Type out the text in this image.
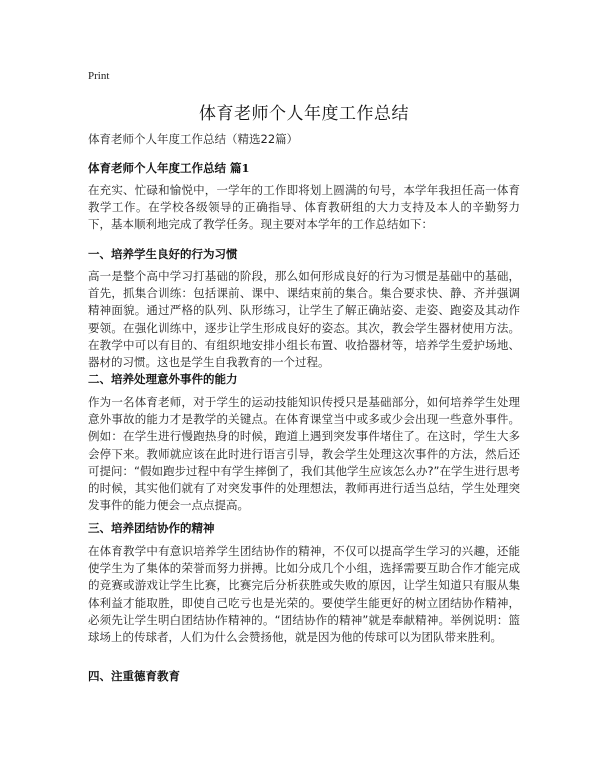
Print
体育老师个人年度工作总结
体育老师个人年度工作总结（精选22篇）
体育老师个人年度工作总结 篇1
在充实、忙碌和愉悦中，一学年的工作即将划上圆满的句号，本学年我担任高一体育教学工作。在学校各级领导的正确指导、体育教研组的大力支持及本人的辛勤努力下，基本顺利地完成了教学任务。现主要对本学年的工作总结如下：
一、培养学生良好的行为习惯
高一是整个高中学习打基础的阶段，那么如何形成良好的行为习惯是基础中的基础，首先，抓集合训练：包括课前、课中、课结束前的集合。集合要求快、静、齐并强调精神面貌。通过严格的队列、队形练习，让学生了解正确站姿、走姿、跑姿及其动作要领。在强化训练中，逐步让学生形成良好的姿态。其次，教会学生器材使用方法。在教学中可以有目的、有组织地安排小组长布置、收拾器材等，培养学生爱护场地、器材的习惯。这也是学生自我教育的一个过程。
二、培养处理意外事件的能力
作为一名体育老师，对于学生的运动技能知识传授只是基础部分，如何培养学生处理意外事故的能力才是教学的关键点。在体育课堂当中或多或少会出现一些意外事件。例如：在学生进行慢跑热身的时候，跑道上遇到突发事件堵住了。在这时，学生大多会停下来。教师就应该在此时进行语言引导，教会学生处理这次事件的方法，然后还可提问：“假如跑步过程中有学生摔倒了，我们其他学生应该怎么办?”在学生进行思考的时候，其实他们就有了对突发事件的处理想法，教师再进行适当总结，学生处理突发事件的能力便会一点点提高。
三、培养团结协作的精神
在体育教学中有意识培养学生团结协作的精神，不仅可以提高学生学习的兴趣，还能使学生为了集体的荣誉而努力拼搏。比如分成几个小组，选择需要互助合作才能完成的竞赛或游戏让学生比赛，比赛完后分析获胜或失败的原因，让学生知道只有服从集体利益才能取胜，即使自己吃亏也是光荣的。要使学生能更好的树立团结协作精神，必须先让学生明白团结协作精神的。“团结协作的精神”就是奉献精神。举例说明：篮球场上的传球者，人们为什么会赞扬他，就是因为他的传球可以为团队带来胜利。
四、注重德育教育
